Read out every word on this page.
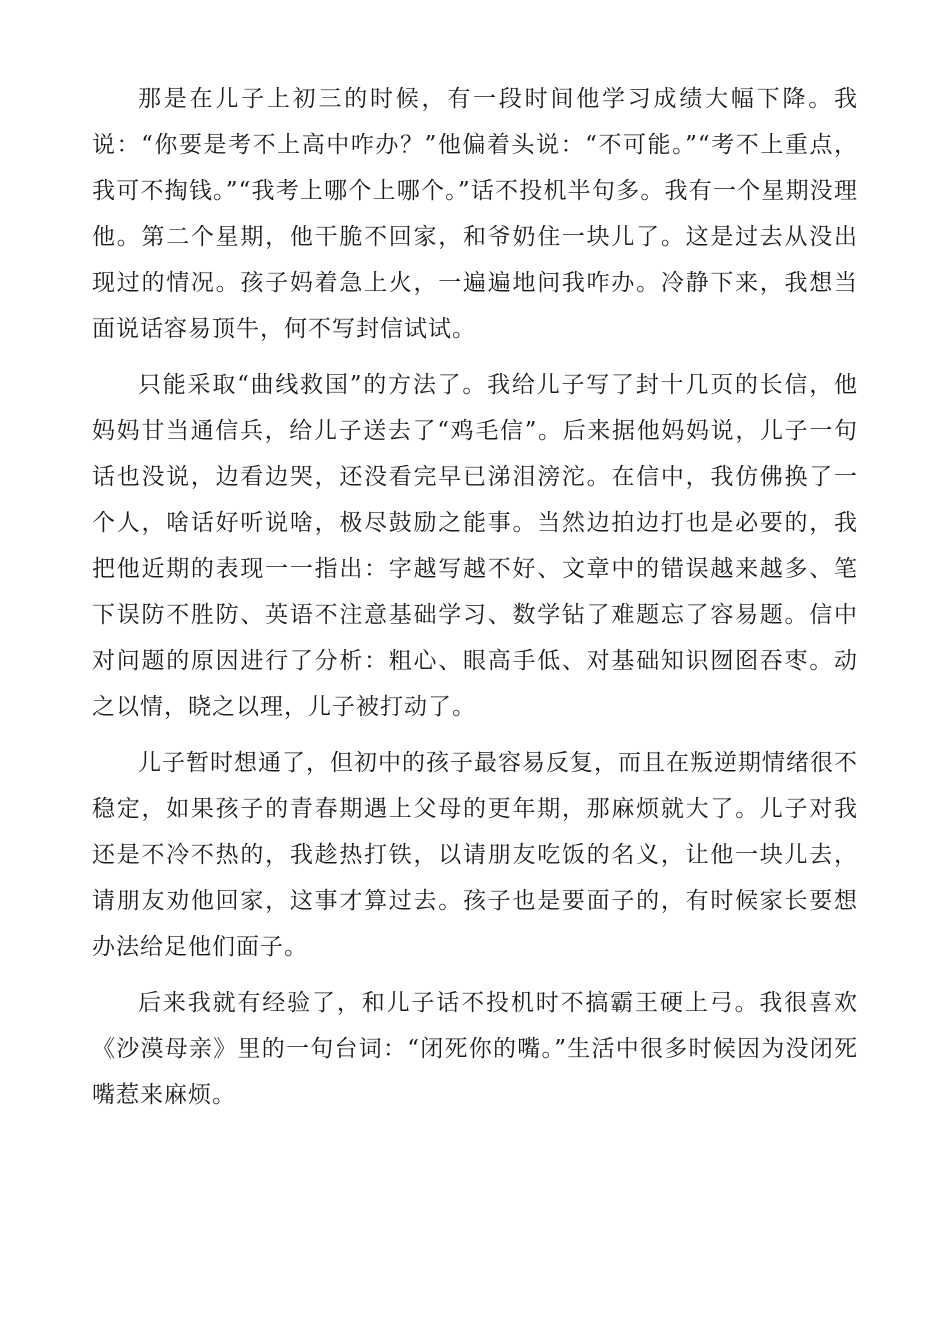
那是在儿子上初三的时候，有一段时间他学习成绩大幅下降。我说：“你要是考不上高中咋办？”他偏着头说：“不可能。”“考不上重点，我可不掏钱。”“我考上哪个上哪个。”话不投机半句多。我有一个星期没理他。第二个星期，他干脆不回家，和爷奶住一块儿了。这是过去从没出现过的情况。孩子妈着急上火，一遍遍地问我咋办。冷静下来，我想当面说话容易顶牛，何不写封信试试。

只能采取“曲线救国”的方法了。我给儿子写了封十几页的长信，他妈妈甘当通信兵，给儿子送去了“鸡毛信”。后来据他妈妈说，儿子一句话也没说，边看边哭，还没看完早已涕泪滂沱。在信中，我仿佛换了一个人，啥话好听说啥，极尽鼓励之能事。当然边拍边打也是必要的，我把他近期的表现一一指出：字越写越不好、文章中的错误越来越多、笔下误防不胜防、英语不注意基础学习、数学钻了难题忘了容易题。信中对问题的原因进行了分析：粗心、眼高手低、对基础知识囫囵吞枣。动之以情，晓之以理，儿子被打动了。

儿子暂时想通了，但初中的孩子最容易反复，而且在叛逆期情绪很不稳定，如果孩子的青春期遇上父母的更年期，那麻烦就大了。儿子对我还是不冷不热的，我趁热打铁，以请朋友吃饭的名义，让他一块儿去，请朋友劝他回家，这事才算过去。孩子也是要面子的，有时候家长要想办法给足他们面子。

后来我就有经验了，和儿子话不投机时不搞霸王硬上弓。我很喜欢《沙漠母亲》里的一句台词：“闭死你的嘴。”生活中很多时候因为没闭死嘴惹来麻烦。
